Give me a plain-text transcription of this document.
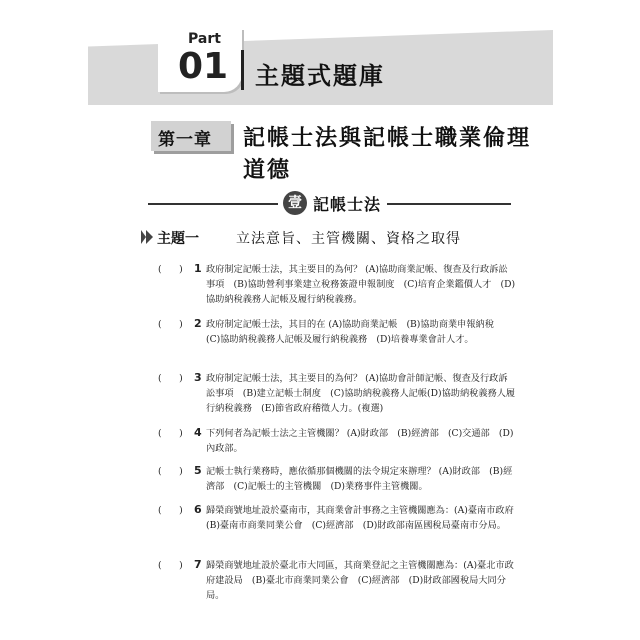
Part
01 主題式題庫
第一章 記帳士法與記帳士職業倫理
道德
壹 記帳士法
主題一	立法意旨、主管機關、資格之取得
(      ) 1 政府制定記帳士法，其主要目的為何？ (A)協助商業記帳、復查及行政訴訟事項　(B)協助營利事業建立稅務簽證申報制度　(C)培育企業鑑價人才　(D)協助納稅義務人記帳及履行納稅義務。
(      ) 2 政府制定記帳士法，其目的在 (A)協助商業記帳　(B)協助商業申報納稅　(C)協助納稅義務人記帳及履行納稅義務　(D)培養專業會計人才。
(      ) 3 政府制定記帳士法，其主要目的為何？ (A)協助會計師記帳、復查及行政訴訟事項　(B)建立記帳士制度　(C)協助納稅義務人記帳(D)協助納稅義務人履行納稅義務　(E)節省政府稽徵人力。(複選)
(      ) 4 下列何者為記帳士法之主管機關？ (A)財政部　(B)經濟部　(C)交通部　(D)內政部。
(      ) 5 記帳士執行業務時，應依循那個機關的法令規定來辦理？ (A)財政部　(B)經濟部　(C)記帳士的主管機關　(D)業務事件主管機關。
(      ) 6 歸榮商號地址設於臺南市，其商業會計事務之主管機關應為：(A)臺南市政府　(B)臺南市商業同業公會　(C)經濟部　(D)財政部南區國稅局臺南市分局。
(      ) 7 歸榮商號地址設於臺北市大同區，其商業登記之主管機關應為：(A)臺北市政府建設局　(B)臺北市商業同業公會　(C)經濟部　(D)財政部國稅局大同分局。
